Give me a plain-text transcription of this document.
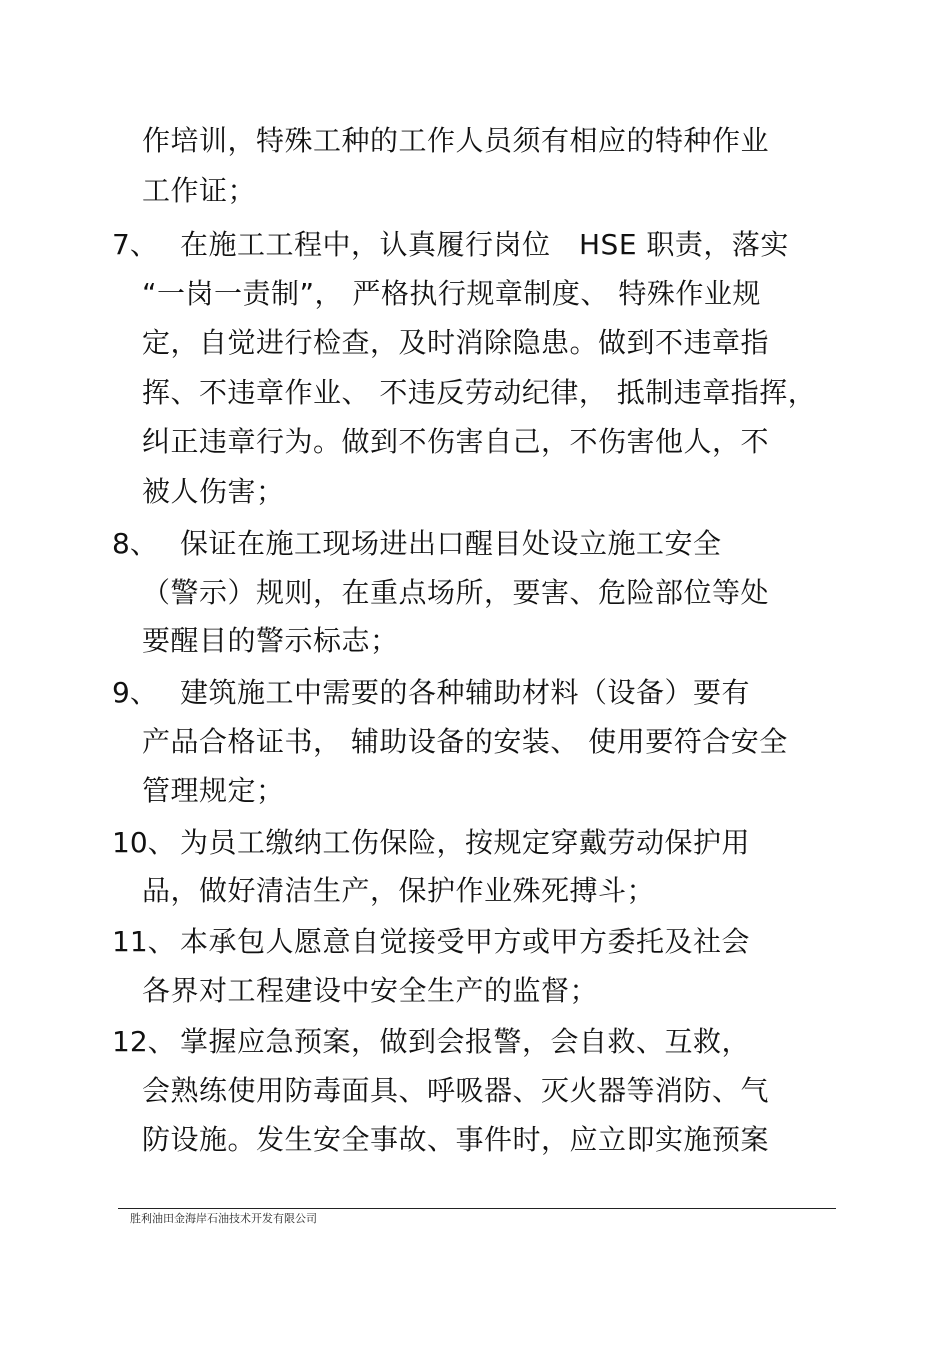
作培训，特殊工种的工作人员须有相应的特种作业
工作证；
7、 在施工工程中，认真履行岗位　HSE 职责，落实
“一岗一责制”， 严格执行规章制度、 特殊作业规
定，自觉进行检查，及时消除隐患。做到不违章指
挥、不违章作业、 不违反劳动纪律， 抵制违章指挥，
纠正违章行为。做到不伤害自己，不伤害他人，不
被人伤害；
8、 保证在施工现场进出口醒目处设立施工安全
（警示）规则，在重点场所，要害、危险部位等处
要醒目的警示标志；
9、 建筑施工中需要的各种辅助材料（设备）要有
产品合格证书， 辅助设备的安装、 使用要符合安全
管理规定；
10、 为员工缴纳工伤保险，按规定穿戴劳动保护用
品，做好清洁生产，保护作业殊死搏斗；
11、 本承包人愿意自觉接受甲方或甲方委托及社会
各界对工程建设中安全生产的监督；
12、 掌握应急预案，做到会报警，会自救、互救，
会熟练使用防毒面具、呼吸器、灭火器等消防、气
防设施。发生安全事故、事件时，应立即实施预案
胜利油田金海岸石油技术开发有限公司
